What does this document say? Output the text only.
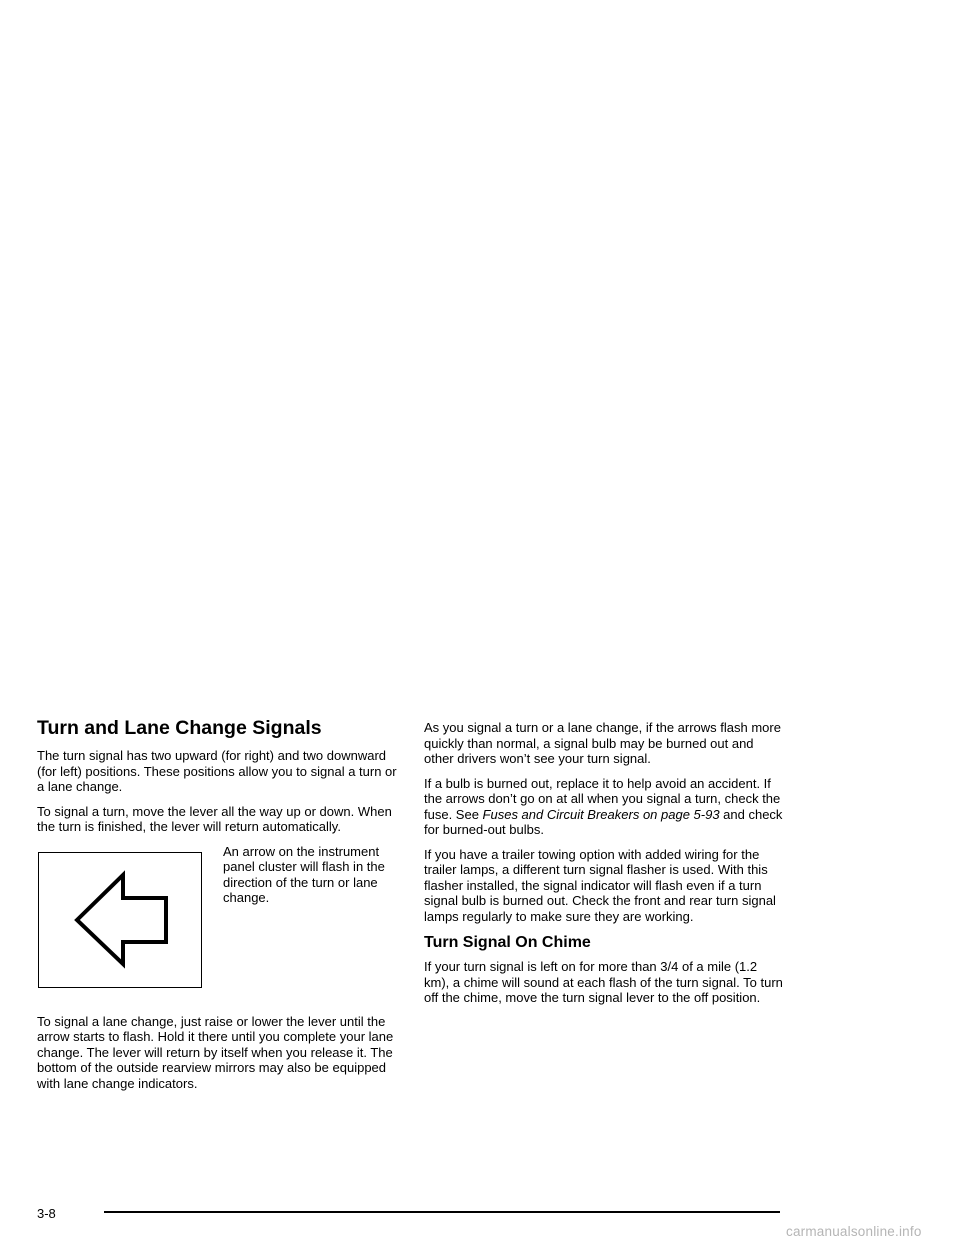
Turn and Lane Change Signals

The turn signal has two upward (for right) and two downward (for left) positions. These positions allow you to signal a turn or a lane change.

To signal a turn, move the lever all the way up or down. When the turn is finished, the lever will return automatically.

An arrow on the instrument panel cluster will flash in the direction of the turn or lane change.

To signal a lane change, just raise or lower the lever until the arrow starts to flash. Hold it there until you complete your lane change. The lever will return by itself when you release it. The bottom of the outside rearview mirrors may also be equipped with lane change indicators.

As you signal a turn or a lane change, if the arrows flash more quickly than normal, a signal bulb may be burned out and other drivers won’t see your turn signal.

If a bulb is burned out, replace it to help avoid an accident. If the arrows don’t go on at all when you signal a turn, check the fuse. See Fuses and Circuit Breakers on page 5-93 and check for burned-out bulbs.

If you have a trailer towing option with added wiring for the trailer lamps, a different turn signal flasher is used. With this flasher installed, the signal indicator will flash even if a turn signal bulb is burned out. Check the front and rear turn signal lamps regularly to make sure they are working.

Turn Signal On Chime

If your turn signal is left on for more than 3/4 of a mile (1.2 km), a chime will sound at each flash of the turn signal. To turn off the chime, move the turn signal lever to the off position.

3-8
carmanualsonline.info
